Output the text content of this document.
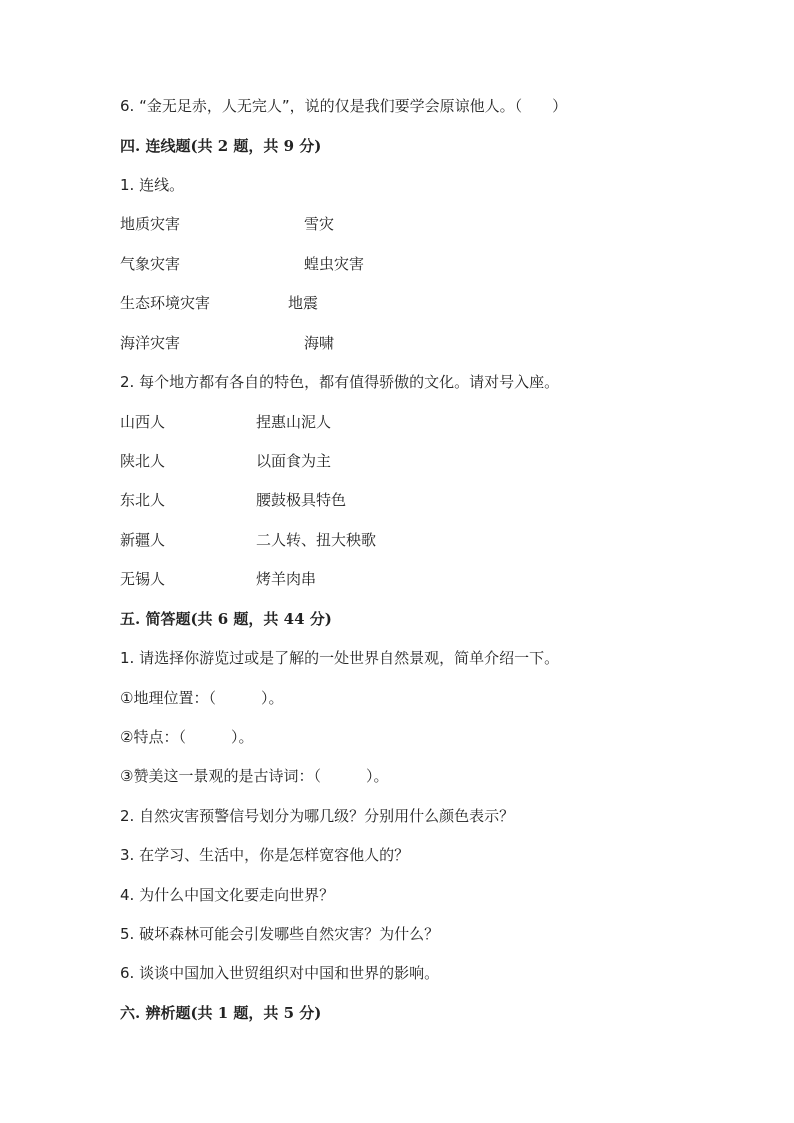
6. “金无足赤，人无完人”，说的仅是我们要学会原谅他人。（　　）
四. 连线题(共 2 题，共 9 分)
1. 连线。
地质灾害	雪灾
气象灾害	蝗虫灾害
生态环境灾害	地震
海洋灾害	海啸
2. 每个地方都有各自的特色，都有值得骄傲的文化。请对号入座。
山西人	捏惠山泥人
陕北人	以面食为主
东北人	腰鼓极具特色
新疆人	二人转、扭大秧歌
无锡人	烤羊肉串
五. 简答题(共 6 题，共 44 分)
1. 请选择你游览过或是了解的一处世界自然景观，简单介绍一下。
①地理位置：（　　　）。
②特点：（　　　）。
③赞美这一景观的是古诗词：（　　　）。
2. 自然灾害预警信号划分为哪几级？分别用什么颜色表示？
3. 在学习、生活中，你是怎样宽容他人的？
4. 为什么中国文化要走向世界？
5. 破坏森林可能会引发哪些自然灾害？为什么？
6. 谈谈中国加入世贸组织对中国和世界的影响。
六. 辨析题(共 1 题，共 5 分)
